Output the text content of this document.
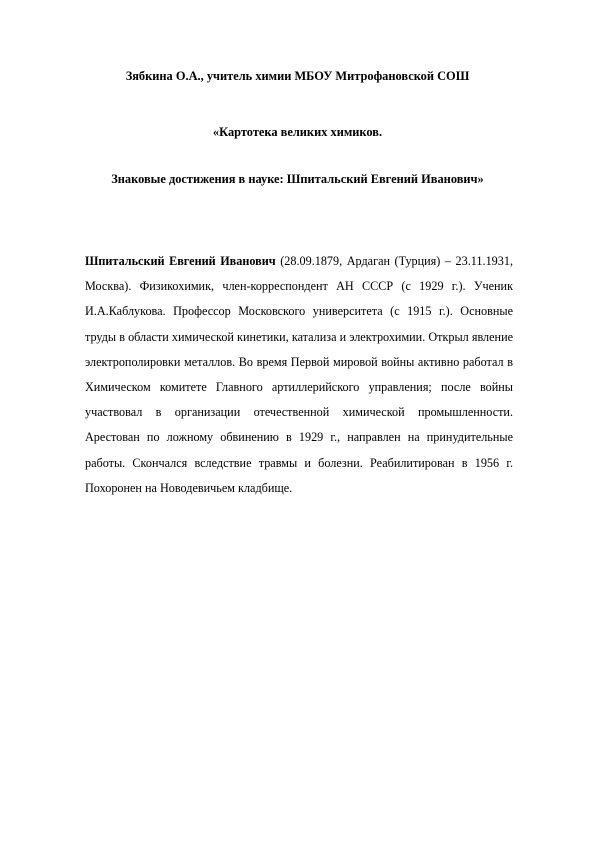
Зябкина О.А., учитель химии МБОУ Митрофановской СОШ

«Картотека великих химиков.

Знаковые достижения в науке: Шпитальский Евгений Иванович»

Шпитальский Евгений Иванович (28.09.1879, Ардаган (Турция) – 23.11.1931, Москва). Физикохимик, член-корреспондент АН СССР (с 1929 г.). Ученик И.А.Каблукова. Профессор Московского университета (с 1915 г.). Основные труды в области химической кинетики, катализа и электрохимии. Открыл явление электрополировки металлов. Во время Первой мировой войны активно работал в Химическом комитете Главного артиллерийского управления; после войны участвовал в организации отечественной химической промышленности. Арестован по ложному обвинению в 1929 г., направлен на принудительные работы. Скончался вследствие травмы и болезни. Реабилитирован в 1956 г. Похоронен на Новодевичьем кладбище.
